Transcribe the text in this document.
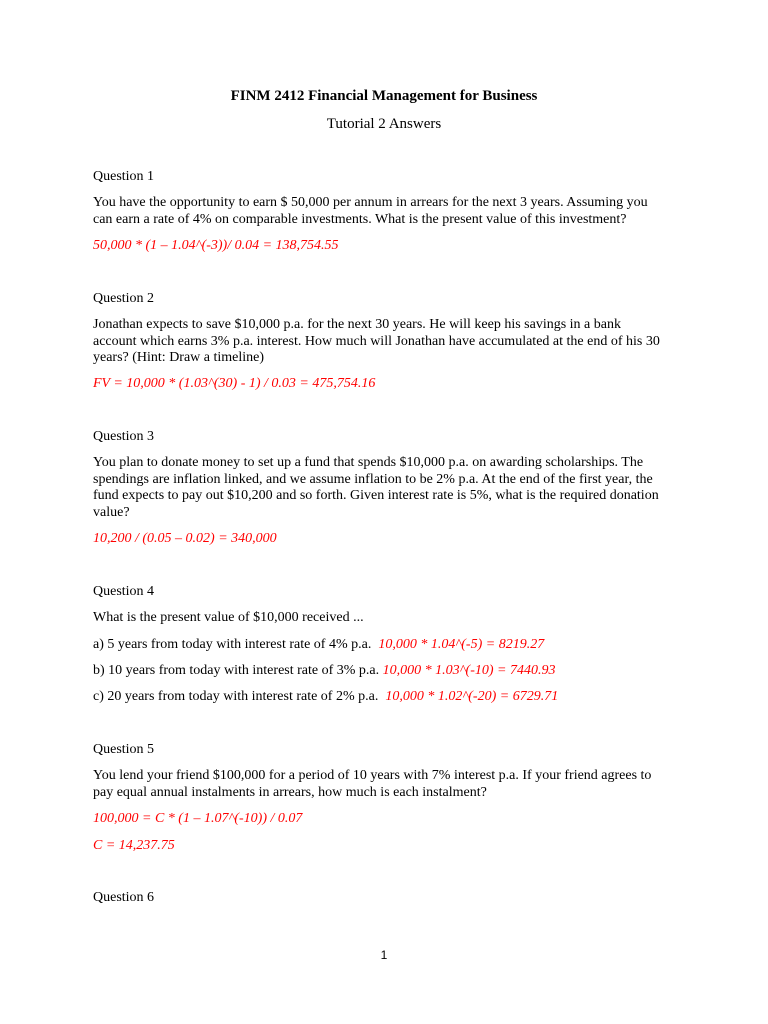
FINM 2412 Financial Management for Business
Tutorial 2 Answers

Question 1

You have the opportunity to earn $ 50,000 per annum in arrears for the next 3 years. Assuming you

can earn a rate of 4% on comparable investments. What is the present value of this investment?

50,000 * (1 – 1.04^(-3))/ 0.04 = 138,754.55

Question 2

Jonathan expects to save $10,000 p.a. for the next 30 years. He will keep his savings in a bank

account which earns 3% p.a. interest. How much will Jonathan have accumulated at the end of his 30

years? (Hint: Draw a timeline)

FV = 10,000 * (1.03^(30) - 1) / 0.03 = 475,754.16

Question 3

You plan to donate money to set up a fund that spends $10,000 p.a. on awarding scholarships. The

spendings are inflation linked, and we assume inflation to be 2% p.a. At the end of the first year, the

fund expects to pay out $10,200 and so forth. Given interest rate is 5%, what is the required donation

value?

10,200 / (0.05 – 0.02) = 340,000

Question 4

What is the present value of $10,000 received ...

a) 5 years from today with interest rate of 4% p.a. 10,000 * 1.04^(-5) = 8219.27

b) 10 years from today with interest rate of 3% p.a. 10,000 * 1.03^(-10) = 7440.93

c) 20 years from today with interest rate of 2% p.a. 10,000 * 1.02^(-20) = 6729.71

Question 5

You lend your friend $100,000 for a period of 10 years with 7% interest p.a. If your friend agrees to

pay equal annual instalments in arrears, how much is each instalment?

100,000 = C * (1 – 1.07^(-10)) / 0.07

C = 14,237.75

Question 6

1
